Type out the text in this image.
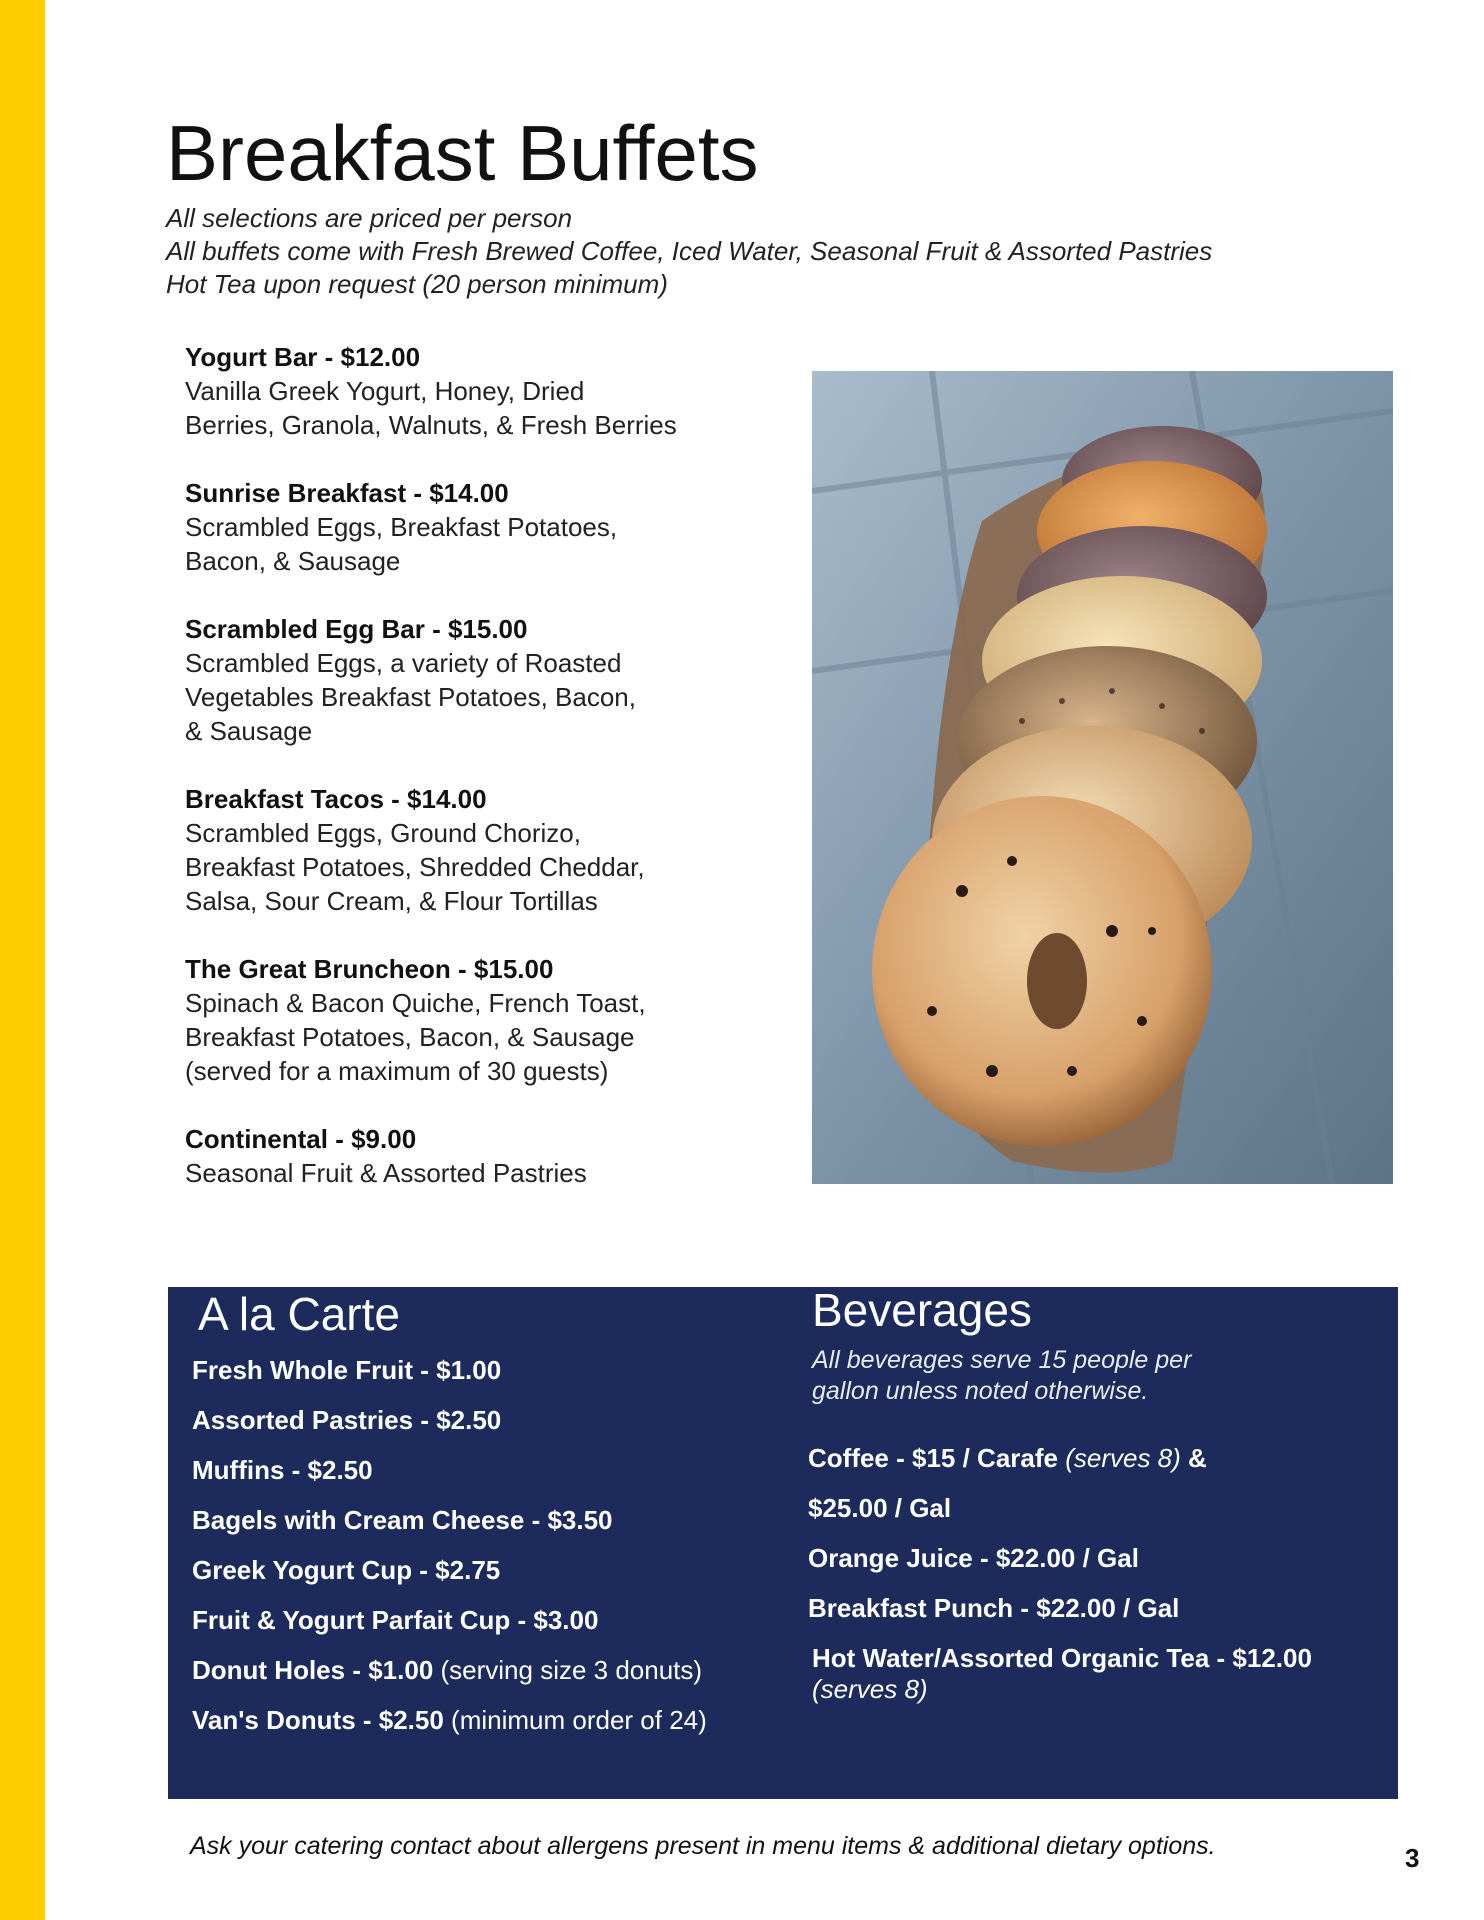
Breakfast Buffets
All selections are priced per person
All buffets come with Fresh Brewed Coffee, Iced Water, Seasonal Fruit & Assorted Pastries
Hot Tea upon request (20 person minimum)
Yogurt Bar - $12.00
Vanilla Greek Yogurt, Honey, Dried
Berries, Granola, Walnuts, & Fresh Berries
Sunrise Breakfast - $14.00
Scrambled Eggs, Breakfast Potatoes,
Bacon, & Sausage
Scrambled Egg Bar - $15.00
Scrambled Eggs, a variety of Roasted
Vegetables Breakfast Potatoes, Bacon,
& Sausage
Breakfast Tacos - $14.00
Scrambled Eggs, Ground Chorizo,
Breakfast Potatoes, Shredded Cheddar,
Salsa, Sour Cream, & Flour Tortillas
The Great Bruncheon - $15.00
Spinach & Bacon Quiche, French Toast,
Breakfast Potatoes, Bacon, & Sausage
(served for a maximum of 30 guests)
Continental - $9.00
Seasonal Fruit & Assorted Pastries
A la Carte
Fresh Whole Fruit - $1.00
Assorted Pastries - $2.50
Muffins - $2.50
Bagels with Cream Cheese - $3.50
Greek Yogurt Cup - $2.75
Fruit & Yogurt Parfait Cup - $3.00
Donut Holes - $1.00 (serving size 3 donuts)
Van's Donuts - $2.50 (minimum order of 24)
Beverages
All beverages serve 15 people per
gallon unless noted otherwise.
Coffee - $15 / Carafe (serves 8) &
$25.00 / Gal
Orange Juice - $22.00 / Gal
Breakfast Punch - $22.00 / Gal
Hot Water/Assorted Organic Tea - $12.00
(serves 8)
Ask your catering contact about allergens present in menu items & additional dietary options.	3
